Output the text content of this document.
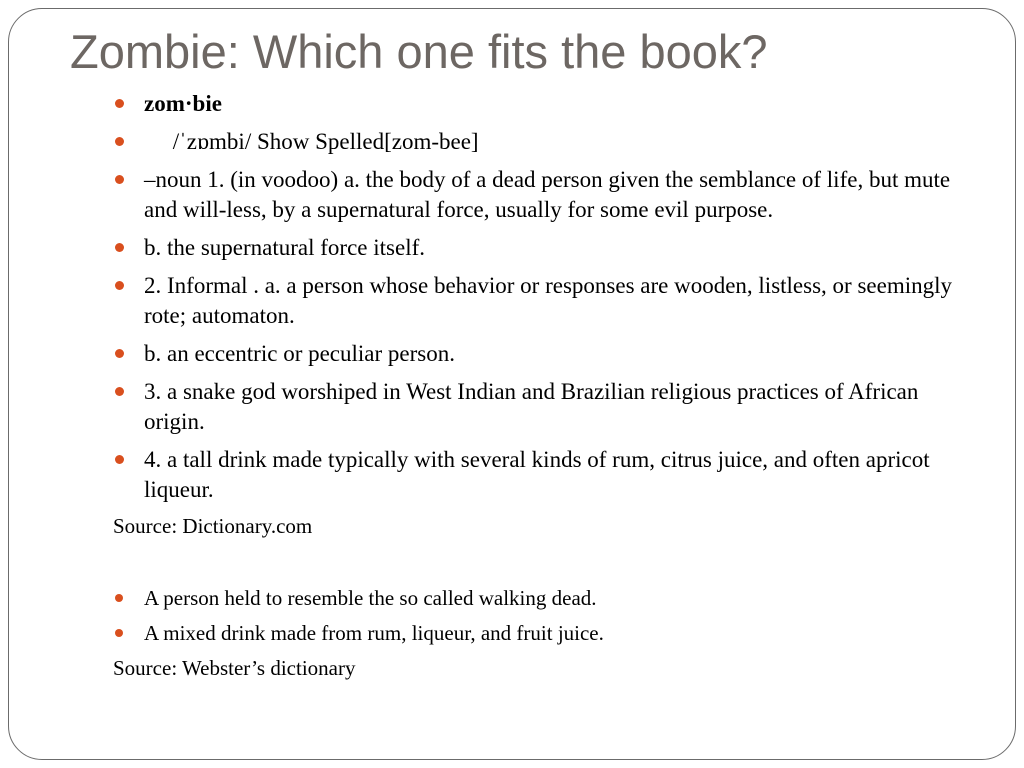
Zombie: Which one fits the book?
zom·bie
/ˈzɒmbi/ Show Spelled[zom-bee]
–noun 1. (in voodoo) a. the body of a dead person given the semblance of life, but mute and will-less, by a supernatural force, usually for some evil purpose.
b. the supernatural force itself.
2. Informal . a. a person whose behavior or responses are wooden, listless, or seemingly rote; automaton.
b. an eccentric or peculiar person.
3. a snake god worshiped in West Indian and Brazilian religious practices of African origin.
4. a tall drink made typically with several kinds of rum, citrus juice, and often apricot liqueur.
Source: Dictionary.com
A person held to resemble the so called walking dead.
A mixed drink made from rum, liqueur, and fruit juice.
Source: Webster’s dictionary
